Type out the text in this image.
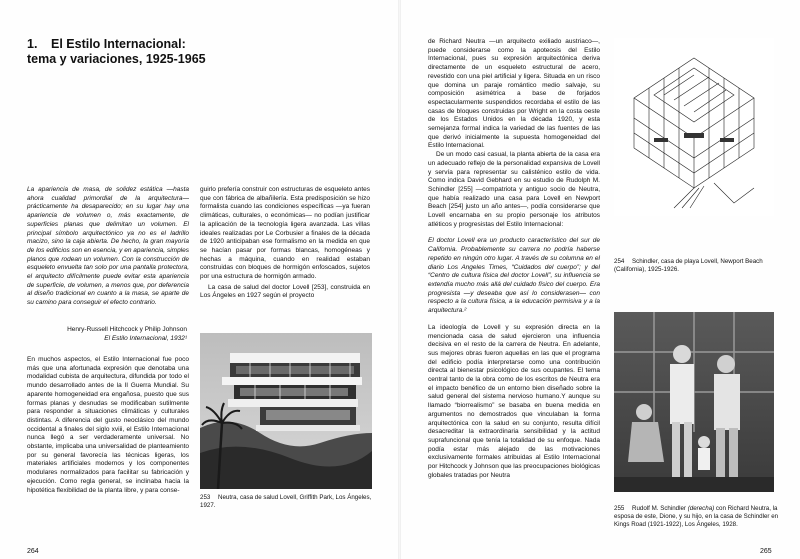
1. El Estilo Internacional:
tema y variaciones, 1925-1965
La apariencia de masa, de solidez estática —hasta ahora cualidad primordial de la arquitectura— prácticamente ha desaparecido; en su lugar hay una apariencia de volumen o, más exactamente, de superficies planas que delimitan un volumen. El principal símbolo arquitectónico ya no es el ladrillo macizo, sino la caja abierta. De hecho, la gran mayoría de los edificios son en esencia, y en apariencia, simples planos que rodean un volumen. Con la construcción de esqueleto envuelta tan solo por una pantalla protectora, el arquitecto difícilmente puede evitar esta apariencia de superficie, de volumen, a menos que, por deferencia al diseño tradicional en cuanto a la masa, se aparte de su camino para conseguir el efecto contrario.
Henry-Russell Hitchcock y Philip Johnson
El Estilo Internacional, 1932¹

En muchos aspectos, el Estilo Internacional fue poco más que una afortunada expresión que denotaba una modalidad cubista de arquitectura, difundida por todo el mundo desarrollado antes de la II Guerra Mundial. Su aparente homogeneidad era engañosa, puesto que sus formas planas y desnudas se modificaban sutilmente para responder a situaciones climáticas y culturales distintas. A diferencia del gusto neoclásico del mundo occidental a finales del siglo xviii, el Estilo Internacional nunca llegó a ser verdaderamente universal. No obstante, implicaba una universalidad de planteamiento por su general favorecía las técnicas ligeras, los materiales artificiales modernos y los componentes modulares normalizados para facilitar su fabricación y ejecución. Como regla general, se inclinaba hacia la hipotética flexibilidad de la planta libre, y para conse-

guirlo prefería construir con estructuras de esqueleto antes que con fábrica de albañilería. Esta predisposición se hizo formalista cuando las condiciones específicas —ya fueran climáticas, culturales, o económicas— no podían justificar la aplicación de la tecnología ligera avanzada. Las villas ideales realizadas por Le Corbusier a finales de la década de 1920 anticipaban ese formalismo en la medida en que se hacían pasar por formas blancas, homogéneas y hechas a máquina, cuando en realidad estaban construidas con bloques de hormigón enfoscados, sujetos por una estructura de hormigón armado.

La casa de salud del doctor Lovell [253], construida en Los Ángeles en 1927 según el proyecto

253 Neutra, casa de salud Lovell, Griffith Park, Los Ángeles, 1927.
264

de Richard Neutra —un arquitecto exiliado austriaco—, puede considerarse como la apoteosis del Estilo Internacional, pues su expresión arquitectónica deriva directamente de un esqueleto estructural de acero, revestido con una piel artificial y ligera. Situada en un risco que domina un paraje romántico medio salvaje, su composición asimétrica a base de forjados espectacularmente suspendidos recordaba el estilo de las casas de bloques construidas por Wright en la costa oeste de los Estados Unidos en la década 1920, y esta semejanza formal indica la variedad de las fuentes de las que derivó inicialmente la supuesta homogeneidad del Estilo Internacional.

De un modo casi casual, la planta abierta de la casa era un adecuado reflejo de la personalidad expansiva de Lovell y servía para representar su calisténico estilo de vida. Como indica David Gebhard en su estudio de Rudolph M. Schindler [255] —compatriota y antiguo socio de Neutra, que había realizado una casa para Lovell en Newport Beach [254] justo un año antes—, podía considerarse que Lovell encarnaba en su propio personaje los atributos atléticos y progresistas del Estilo Internacional:

El doctor Lovell era un producto característico del sur de California. Probablemente su carrera no podría haberse repetido en ningún otro lugar. A través de su columna en el diario Los Angeles Times, “Cuidados del cuerpo”; y del “Centro de cultura física del doctor Lovell”, su influencia se extendía mucho más allá del cuidado físico del cuerpo. Era progresista —y deseaba que así lo considerasen— con respecto a la cultura física, a la educación permisiva y a la arquitectura.²

La ideología de Lovell y su expresión directa en la mencionada casa de salud ejercieron una influencia decisiva en el resto de la carrera de Neutra. En adelante, sus mejores obras fueron aquellas en las que el programa del edificio podía interpretarse como una contribución directa al bienestar psicológico de sus ocupantes. El tema central tanto de la obra como de los escritos de Neutra era el impacto benéfico de un entorno bien diseñado sobre la salud general del sistema nervioso humano.Y aunque su llamado “biorrealismo” se basaba en buena medida en argumentos no demostrados que vinculaban la forma arquitectónica con la salud en su conjunto, resulta difícil desacreditar la extraordinaria sensibilidad y la actitud suprafuncional que tenía la totalidad de su enfoque. Nada podía estar más alejado de las motivaciones exclusivamente formales atribuidas al Estilo Internacional por Hitchcock y Johnson que las preocupaciones biológicas globales tratadas por Neutra

254 Schindler, casa de playa Lovell, Newport Beach (California), 1925-1926.
255 Rudolf M. Schindler (derecha) con Richard Neutra, la esposa de este, Dione, y su hijo, en la casa de Schindler en Kings Road (1921-1922), Los Ángeles, 1928.
265
